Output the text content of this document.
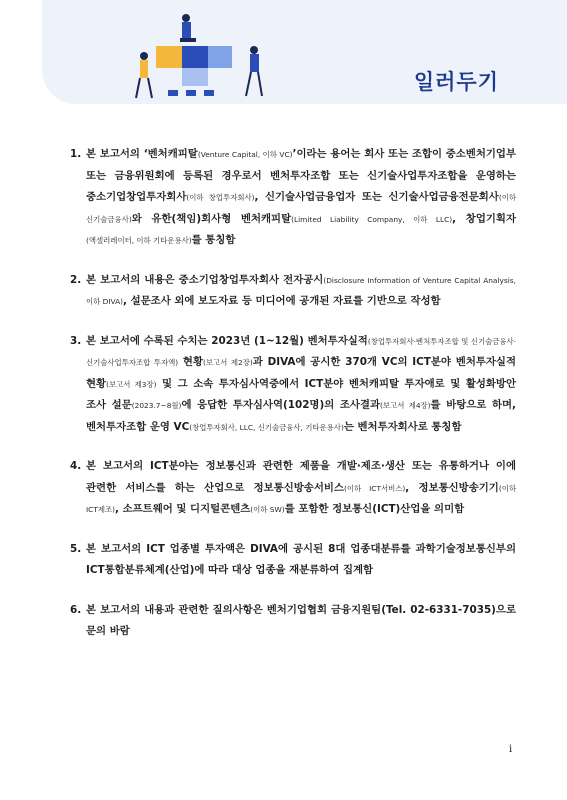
일러두기
1. 본 보고서의 ‘벤처캐피탈(Venture Capital, 이하 VC)’이라는 용어는 회사 또는 조합이 중소벤처기업부 또는 금융위원회에 등록된 경우로서 벤처투자조합 또는 신기술사업투자조합을 운영하는 중소기업창업투자회사(이하 창업투자회사), 신기술사업금융업자 또는 신기술사업금융전문회사(이하 신기술금융사)와 유한(책임)회사형 벤처캐피탈(Limited Liability Company, 이하 LLC), 창업기획자(액셀러레이터, 이하 기타운용사)를 통칭함
2. 본 보고서의 내용은 중소기업창업투자회사 전자공시(Disclosure Information of Venture Capital Analysis, 이하 DIVA), 설문조사 외에 보도자료 등 미디어에 공개된 자료를 기반으로 작성함
3. 본 보고서에 수록된 수치는 2023년 (1~12월) 벤처투자실적(창업투자회사·벤처투자조합 및 신기술금융사·신기술사업투자조합 투자액) 현황(보고서 제2장)과 DIVA에 공시한 370개 VC의 ICT분야 벤처투자실적 현황(보고서 제3장) 및 그 소속 투자심사역중에서 ICT분야 벤처캐피탈 투자애로 및 활성화방안 조사 설문(2023.7~8월)에 응답한 투자심사역(102명)의 조사결과(보고서 제4장)를 바탕으로 하며, 벤처투자조합 운영 VC(창업투자회사, LLC, 신기술금융사, 기타운용사)는 벤처투자회사로 통칭함
4. 본 보고서의 ICT분야는 정보통신과 관련한 제품을 개발·제조·생산 또는 유통하거나 이에 관련한 서비스를 하는 산업으로 정보통신방송서비스(이하 ICT서비스), 정보통신방송기기(이하 ICT제조), 소프트웨어 및 디지털콘텐츠(이하 SW)를 포함한 정보통신(ICT)산업을 의미함
5. 본 보고서의 ICT 업종별 투자액은 DIVA에 공시된 8대 업종대분류를 과학기술정보통신부의 ICT통합분류체계(산업)에 따라 대상 업종을 재분류하여 집계함
6. 본 보고서의 내용과 관련한 질의사항은 벤처기업협회 금융지원팀(Tel. 02-6331-7035)으로 문의 바람
i
